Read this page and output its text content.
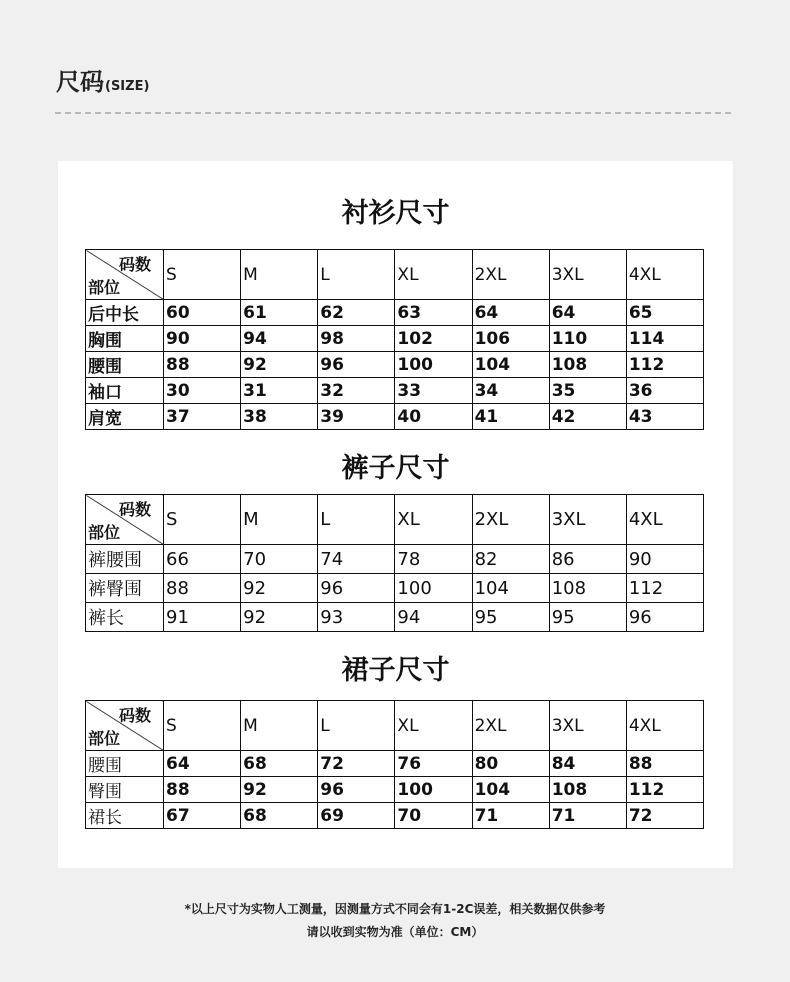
尺码(SIZE)
衬衫尺寸
码数
部位	S	M	L	XL	2XL	3XL	4XL
后中长	60	61	62	63	64	64	65
胸围	90	94	98	102	106	110	114
腰围	88	92	96	100	104	108	112
袖口	30	31	32	33	34	35	36
肩宽	37	38	39	40	41	42	43
裤子尺寸
码数
部位	S	M	L	XL	2XL	3XL	4XL
裤腰围	66	70	74	78	82	86	90
裤臀围	88	92	96	100	104	108	112
裤长	91	92	93	94	95	95	96
裙子尺寸
码数
部位	S	M	L	XL	2XL	3XL	4XL
腰围	64	68	72	76	80	84	88
臀围	88	92	96	100	104	108	112
裙长	67	68	69	70	71	71	72
*以上尺寸为实物人工测量，因测量方式不同会有1-2C误差，相关数据仅供参考
请以收到实物为准（单位：CM）
